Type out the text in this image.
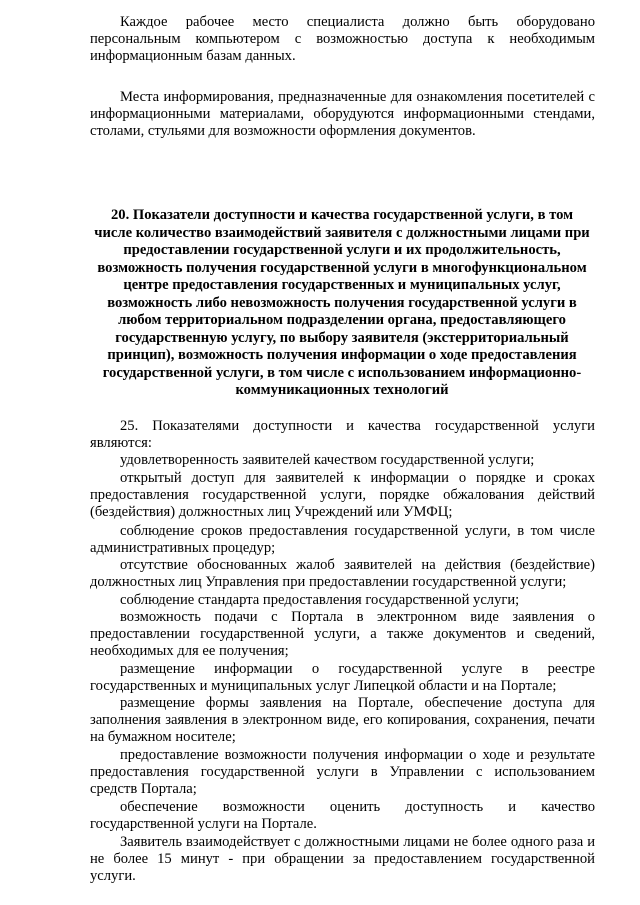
Каждое рабочее место специалиста должно быть оборудовано персональным компьютером с возможностью доступа к необходимым информационным базам данных.

Места информирования, предназначенные для ознакомления посетителей с информационными материалами, оборудуются информационными стендами, столами, стульями для возможности оформления документов.

20. Показатели доступности и качества государственной услуги, в том числе количество взаимодействий заявителя с должностными лицами при предоставлении государственной услуги и их продолжительность, возможность получения государственной услуги в многофункциональном центре предоставления государственных и муниципальных услуг, возможность либо невозможность получения государственной услуги в любом территориальном подразделении органа, предоставляющего государственную услугу, по выбору заявителя (экстерриториальный принцип), возможность получения информации о ходе предоставления государственной услуги, в том числе с использованием информационно-коммуникационных технологий

25. Показателями доступности и качества государственной услуги являются:

удовлетворенность заявителей качеством государственной услуги;

открытый доступ для заявителей к информации о порядке и сроках предоставления государственной услуги, порядке обжалования действий (бездействия) должностных лиц Учреждений или УМФЦ;

соблюдение сроков предоставления государственной услуги, в том числе административных процедур;

отсутствие обоснованных жалоб заявителей на действия (бездействие) должностных лиц Управления при предоставлении государственной услуги;

соблюдение стандарта предоставления государственной услуги;

возможность подачи с Портала в электронном виде заявления о предоставлении государственной услуги, а также документов и сведений, необходимых для ее получения;

размещение информации о государственной услуге в реестре государственных и муниципальных услуг Липецкой области и на Портале;

размещение формы заявления на Портале, обеспечение доступа для заполнения заявления в электронном виде, его копирования, сохранения, печати на бумажном носителе;

предоставление возможности получения информации о ходе и результате предоставления государственной услуги в Управлении с использованием средств Портала;

обеспечение возможности оценить доступность и качество государственной услуги на Портале.

Заявитель взаимодействует с должностными лицами не более одного раза и не более 15 минут - при обращении за предоставлением государственной услуги.
